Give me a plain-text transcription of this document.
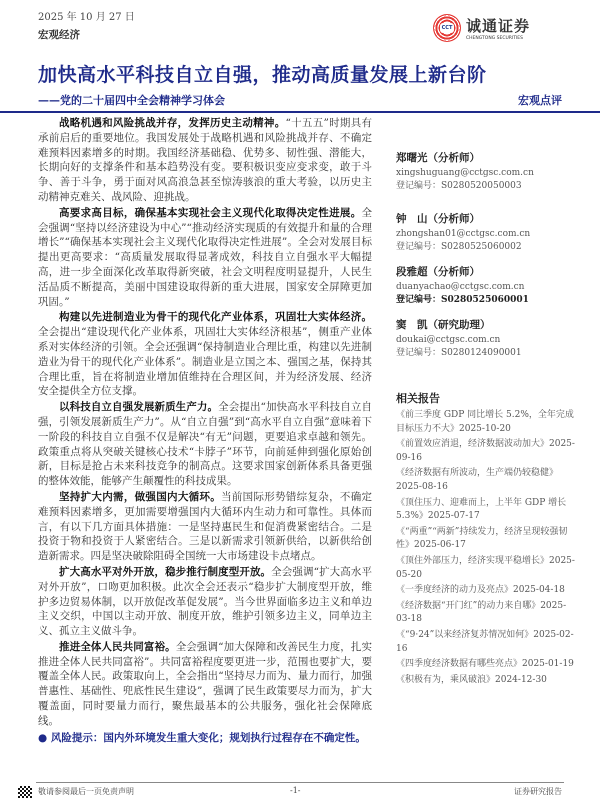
2025 年 10 月 27 日
宏观经济
CCT 诚通证券
CHENGTONG SECURITIES
加快高水平科技自立自强，推动高质量发展上新台阶
——党的二十届四中全会精神学习体会	宏观点评

战略机遇和风险挑战并存，发挥历史主动精神。“十五五”时期具有承前启后的重要地位。我国发展处于战略机遇和风险挑战并存、不确定难预料因素增多的时期。我国经济基础稳、优势多、韧性强、潜能大，长期向好的支撑条件和基本趋势没有变。要积极识变应变求变，敢于斗争、善于斗争，勇于面对风高浪急甚至惊涛骇浪的重大考验，以历史主动精神克难关、战风险、迎挑战。

高要求高目标，确保基本实现社会主义现代化取得决定性进展。全会强调“坚持以经济建设为中心”“推动经济实现质的有效提升和量的合理增长”“确保基本实现社会主义现代化取得决定性进展”。全会对发展目标提出更高要求：“高质量发展取得显著成效，科技自立自强水平大幅提高，进一步全面深化改革取得新突破，社会文明程度明显提升，人民生活品质不断提高，美丽中国建设取得新的重大进展，国家安全屏障更加巩固。”

构建以先进制造业为骨干的现代化产业体系，巩固壮大实体经济。全会提出“建设现代化产业体系，巩固壮大实体经济根基”，侧重产业体系对实体经济的引领。全会还强调“保持制造业合理比重，构建以先进制造业为骨干的现代化产业体系”。制造业是立国之本、强国之基，保持其合理比重，旨在将制造业增加值维持在合理区间，并为经济发展、经济安全提供全方位支撑。

以科技自立自强发展新质生产力。全会提出“加快高水平科技自立自强，引领发展新质生产力”。从“自立自强”到“高水平自立自强”意味着下一阶段的科技自立自强不仅是解决“有无”问题，更要追求卓越和领先。政策重点将从突破关键核心技术“卡脖子”环节，向前延伸到强化原始创新，目标是抢占未来科技竞争的制高点。这要求国家创新体系具备更强的整体效能，能够产生颠覆性的科技成果。

坚持扩大内需，做强国内大循环。当前国际形势错综复杂，不确定难预料因素增多，更加需要增强国内大循环内生动力和可靠性。具体而言，有以下几方面具体措施：一是坚持惠民生和促消费紧密结合。二是投资于物和投资于人紧密结合。三是以新需求引领新供给，以新供给创造新需求。四是坚决破除阻碍全国统一大市场建设卡点堵点。

扩大高水平对外开放，稳步推行制度型开放。全会强调“扩大高水平对外开放”，口吻更加积极。此次全会还表示“稳步扩大制度型开放，维护多边贸易体制，以开放促改革促发展”。当今世界面临多边主义和单边主义交织，中国以主动开放、制度开放，维护引领多边主义，同单边主义、孤立主义做斗争。

推进全体人民共同富裕。全会强调“加大保障和改善民生力度，扎实推进全体人民共同富裕”。共同富裕程度要更进一步，范围也要扩大，要覆盖全体人民。政策取向上，全会指出“坚持尽力而为、量力而行，加强普惠性、基础性、兜底性民生建设”，强调了民生政策要尽力而为，扩大覆盖面，同时要量力而行，聚焦最基本的公共服务，强化社会保障底线。

● 风险提示：国内外环境发生重大变化；规划执行过程存在不确定性。
郑曙光（分析师）
xingshuguang@cctgsc.com.cn
登记编号：S0280520050003
钟　山（分析师）
zhongshan01@cctgsc.com.cn
登记编号：S0280525060002
段雅超（分析师）
duanyachao@cctgsc.com.cn
登记编号：S0280525060001
窦　凯（研究助理）
doukai@cctgsc.com.cn
登记编号：S0280124090001
相关报告
《前三季度 GDP 同比增长 5.2%，全年完成目标压力不大》2025-10-20
《前置效应消退，经济数据波动加大》2025-09-16
《经济数据有所波动，生产端仍较稳健》2025-08-16
《顶住压力、迎难而上，上半年 GDP 增长 5.3%》2025-07-17
《“两重”“两新”持续发力，经济呈现较强韧性》2025-06-17
《顶住外部压力，经济实现平稳增长》2025-05-20
《一季度经济的动力及亮点》2025-04-18
《经济数据“开门红”的动力来自哪》2025-03-18
《“9·24”以来经济复苏情况如何》2025-02-16
《四季度经济数据有哪些亮点》2025-01-19
《积极有为，乘风破浪》2024-12-30
敬请参阅最后一页免责声明	-1-	证券研究报告
